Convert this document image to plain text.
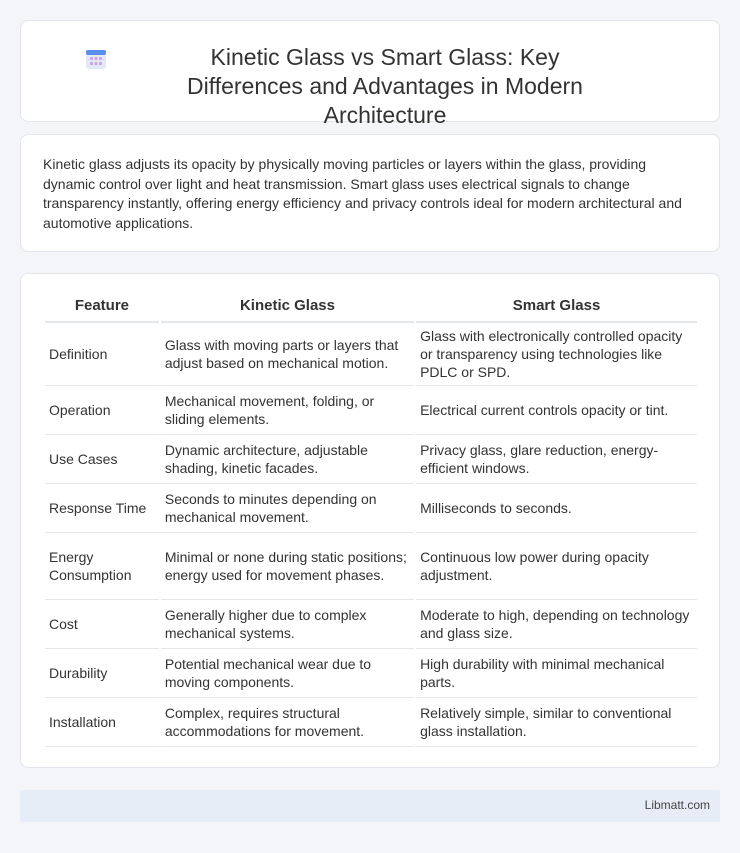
Kinetic Glass vs Smart Glass: Key Differences and Advantages in Modern Architecture

Kinetic glass adjusts its opacity by physically moving particles or layers within the glass, providing dynamic control over light and heat transmission. Smart glass uses electrical signals to change transparency instantly, offering energy efficiency and privacy controls ideal for modern architectural and automotive applications.

Feature	Kinetic Glass	Smart Glass
Definition	Glass with moving parts or layers that adjust based on mechanical motion.	Glass with electronically controlled opacity or transparency using technologies like PDLC or SPD.
Operation	Mechanical movement, folding, or sliding elements.	Electrical current controls opacity or tint.
Use Cases	Dynamic architecture, adjustable shading, kinetic facades.	Privacy glass, glare reduction, energy-efficient windows.
Response Time	Seconds to minutes depending on mechanical movement.	Milliseconds to seconds.
Energy Consumption	Minimal or none during static positions; energy used for movement phases.	Continuous low power during opacity adjustment.
Cost	Generally higher due to complex mechanical systems.	Moderate to high, depending on technology and glass size.
Durability	Potential mechanical wear due to moving components.	High durability with minimal mechanical parts.
Installation	Complex, requires structural accommodations for movement.	Relatively simple, similar to conventional glass installation.
Libmatt.com
